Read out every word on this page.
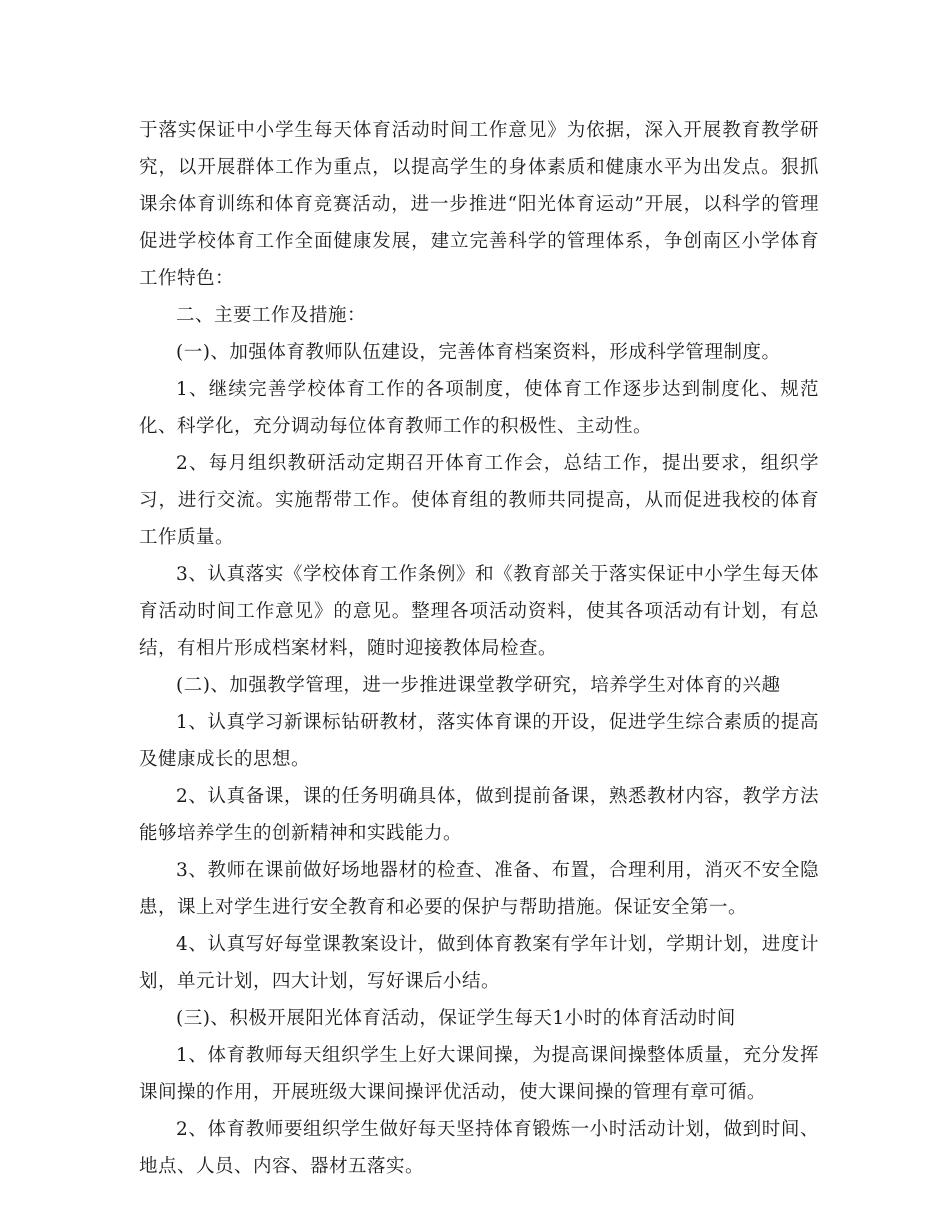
于落实保证中小学生每天体育活动时间工作意见》为依据，深入开展教育教学研究，以开展群体工作为重点，以提高学生的身体素质和健康水平为出发点。狠抓课余体育训练和体育竞赛活动，进一步推进“阳光体育运动”开展，以科学的管理促进学校体育工作全面健康发展，建立完善科学的管理体系，争创南区小学体育工作特色：

二、主要工作及措施：

(一)、加强体育教师队伍建设，完善体育档案资料，形成科学管理制度。

1、继续完善学校体育工作的各项制度，使体育工作逐步达到制度化、规范化、科学化，充分调动每位体育教师工作的积极性、主动性。

2、每月组织教研活动定期召开体育工作会，总结工作，提出要求，组织学习，进行交流。实施帮带工作。使体育组的教师共同提高，从而促进我校的体育工作质量。

3、认真落实《学校体育工作条例》和《教育部关于落实保证中小学生每天体育活动时间工作意见》的意见。整理各项活动资料，使其各项活动有计划，有总结，有相片形成档案材料，随时迎接教体局检查。

(二)、加强教学管理，进一步推进课堂教学研究，培养学生对体育的兴趣

1、认真学习新课标钻研教材，落实体育课的开设，促进学生综合素质的提高及健康成长的思想。

2、认真备课，课的任务明确具体，做到提前备课，熟悉教材内容，教学方法能够培养学生的创新精神和实践能力。

3、教师在课前做好场地器材的检查、准备、布置，合理利用，消灭不安全隐患，课上对学生进行安全教育和必要的保护与帮助措施。保证安全第一。

4、认真写好每堂课教案设计，做到体育教案有学年计划，学期计划，进度计划，单元计划，四大计划，写好课后小结。

(三)、积极开展阳光体育活动，保证学生每天1小时的体育活动时间

1、体育教师每天组织学生上好大课间操，为提高课间操整体质量，充分发挥课间操的作用，开展班级大课间操评优活动，使大课间操的管理有章可循。

2、体育教师要组织学生做好每天坚持体育锻炼一小时活动计划，做到时间、地点、人员、内容、器材五落实。
